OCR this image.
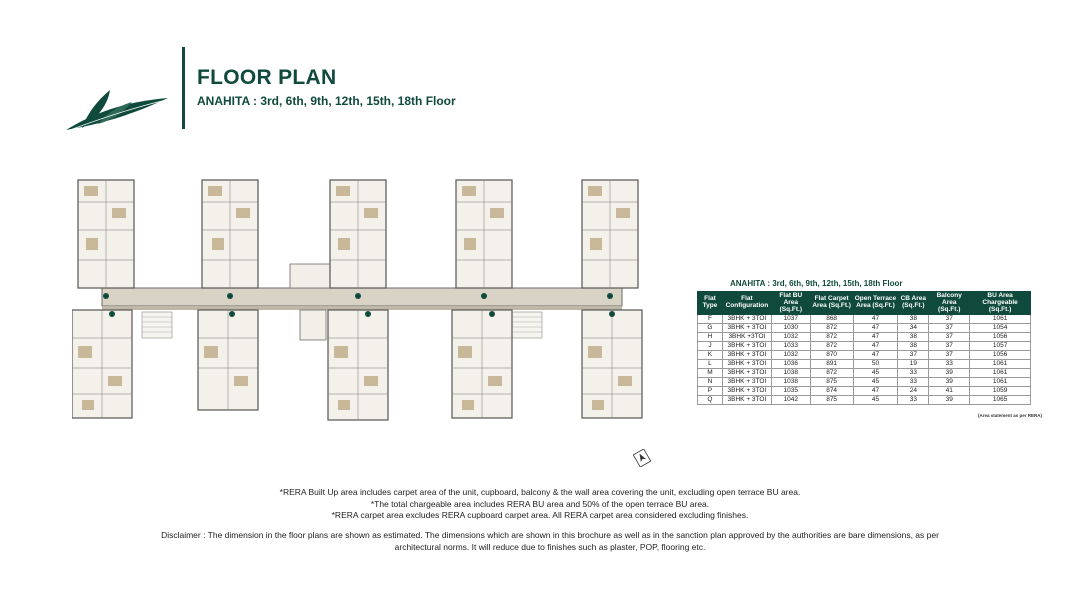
FLOOR PLAN
ANAHITA : 3rd, 6th, 9th, 12th, 15th, 18th Floor
ANAHITA : 3rd, 6th, 9th, 12th, 15th, 18th Floor
Flat Type	Flat Configuration	Flat BU Area (Sq.Ft.)	Flat Carpet Area (Sq.Ft.)	Open Terrace Area (Sq.Ft.)	CB Area (Sq.Ft.)	Balcony Area (Sq.Ft.)	BU Area Chargeable (Sq.Ft.)
F	3BHK + 3TOI	1037	868	47	38	37	1061
G	3BHK + 3TOI	1030	872	47	34	37	1054
H	3BHK +3TOI	1032	872	47	38	37	1056
J	3BHK + 3TOI	1033	872	47	38	37	1057
K	3BHK + 3TOI	1032	870	47	37	37	1056
L	3BHK + 3TOI	1036	891	50	19	33	1061
M	3BHK + 3TOI	1038	872	45	33	39	1061
N	3BHK + 3TOI	1038	875	45	33	39	1061
P	3BHK + 3TOI	1035	874	47	24	41	1059
Q	3BHK + 3TOI	1042	875	45	33	39	1065
(Area statement as per RERA)
*RERA Built Up area includes carpet area of the unit, cupboard, balcony & the wall area covering the unit, excluding open terrace BU area.
*The total chargeable area includes RERA BU area and 50% of the open terrace BU area.
*RERA carpet area excludes RERA cupboard carpet area. All RERA carpet area considered excluding finishes.
Disclaimer : The dimension in the floor plans are shown as estimated. The dimensions which are shown in this brochure as well as in the sanction plan approved by the authorities are bare dimensions, as per architectural norms. It will reduce due to finishes such as plaster, POP, flooring etc.
